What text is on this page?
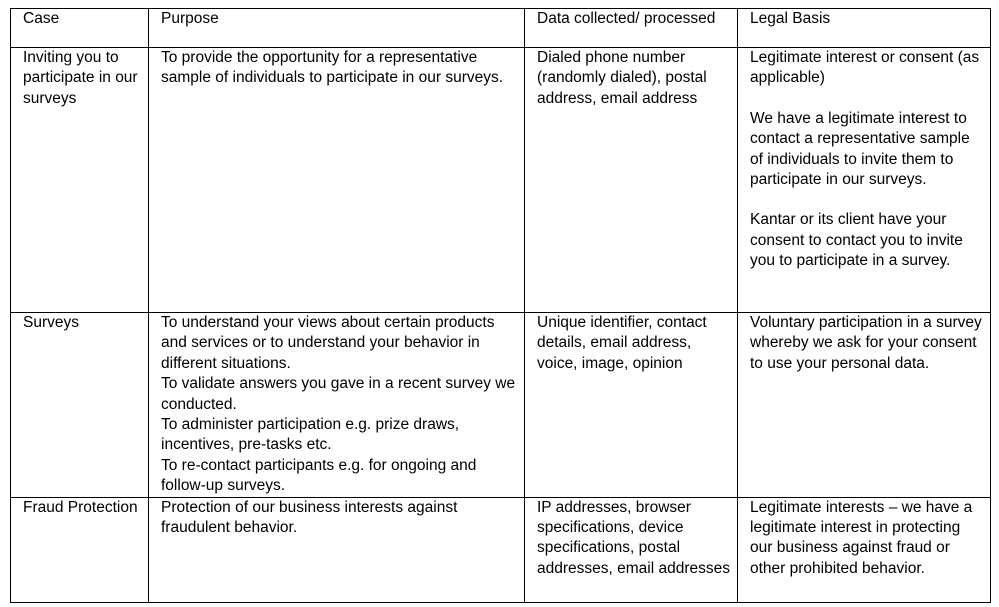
Case	Purpose	Data collected/ processed	Legal Basis
Inviting you to participate in our surveys	To provide the opportunity for a representative sample of individuals to participate in our surveys.	Dialed phone number (randomly dialed), postal address, email address	Legitimate interest or consent (as applicable)
We have a legitimate interest to contact a representative sample of individuals to invite them to participate in our surveys.
Kantar or its client have your consent to contact you to invite you to participate in a survey.

Surveys	To understand your views about certain products and services or to understand your behavior in different situations.
To validate answers you gave in a recent survey we conducted.
To administer participation e.g. prize draws, incentives, pre-tasks etc.
To re-contact participants e.g. for ongoing and follow-up surveys.	Unique identifier, contact details, email address, voice, image, opinion	Voluntary participation in a survey whereby we ask for your consent to use your personal data.

Fraud Protection	Protection of our business interests against fraudulent behavior.	IP addresses, browser specifications, device specifications, postal addresses, email addresses	Legitimate interests – we have a legitimate interest in protecting our business against fraud or other prohibited behavior.
